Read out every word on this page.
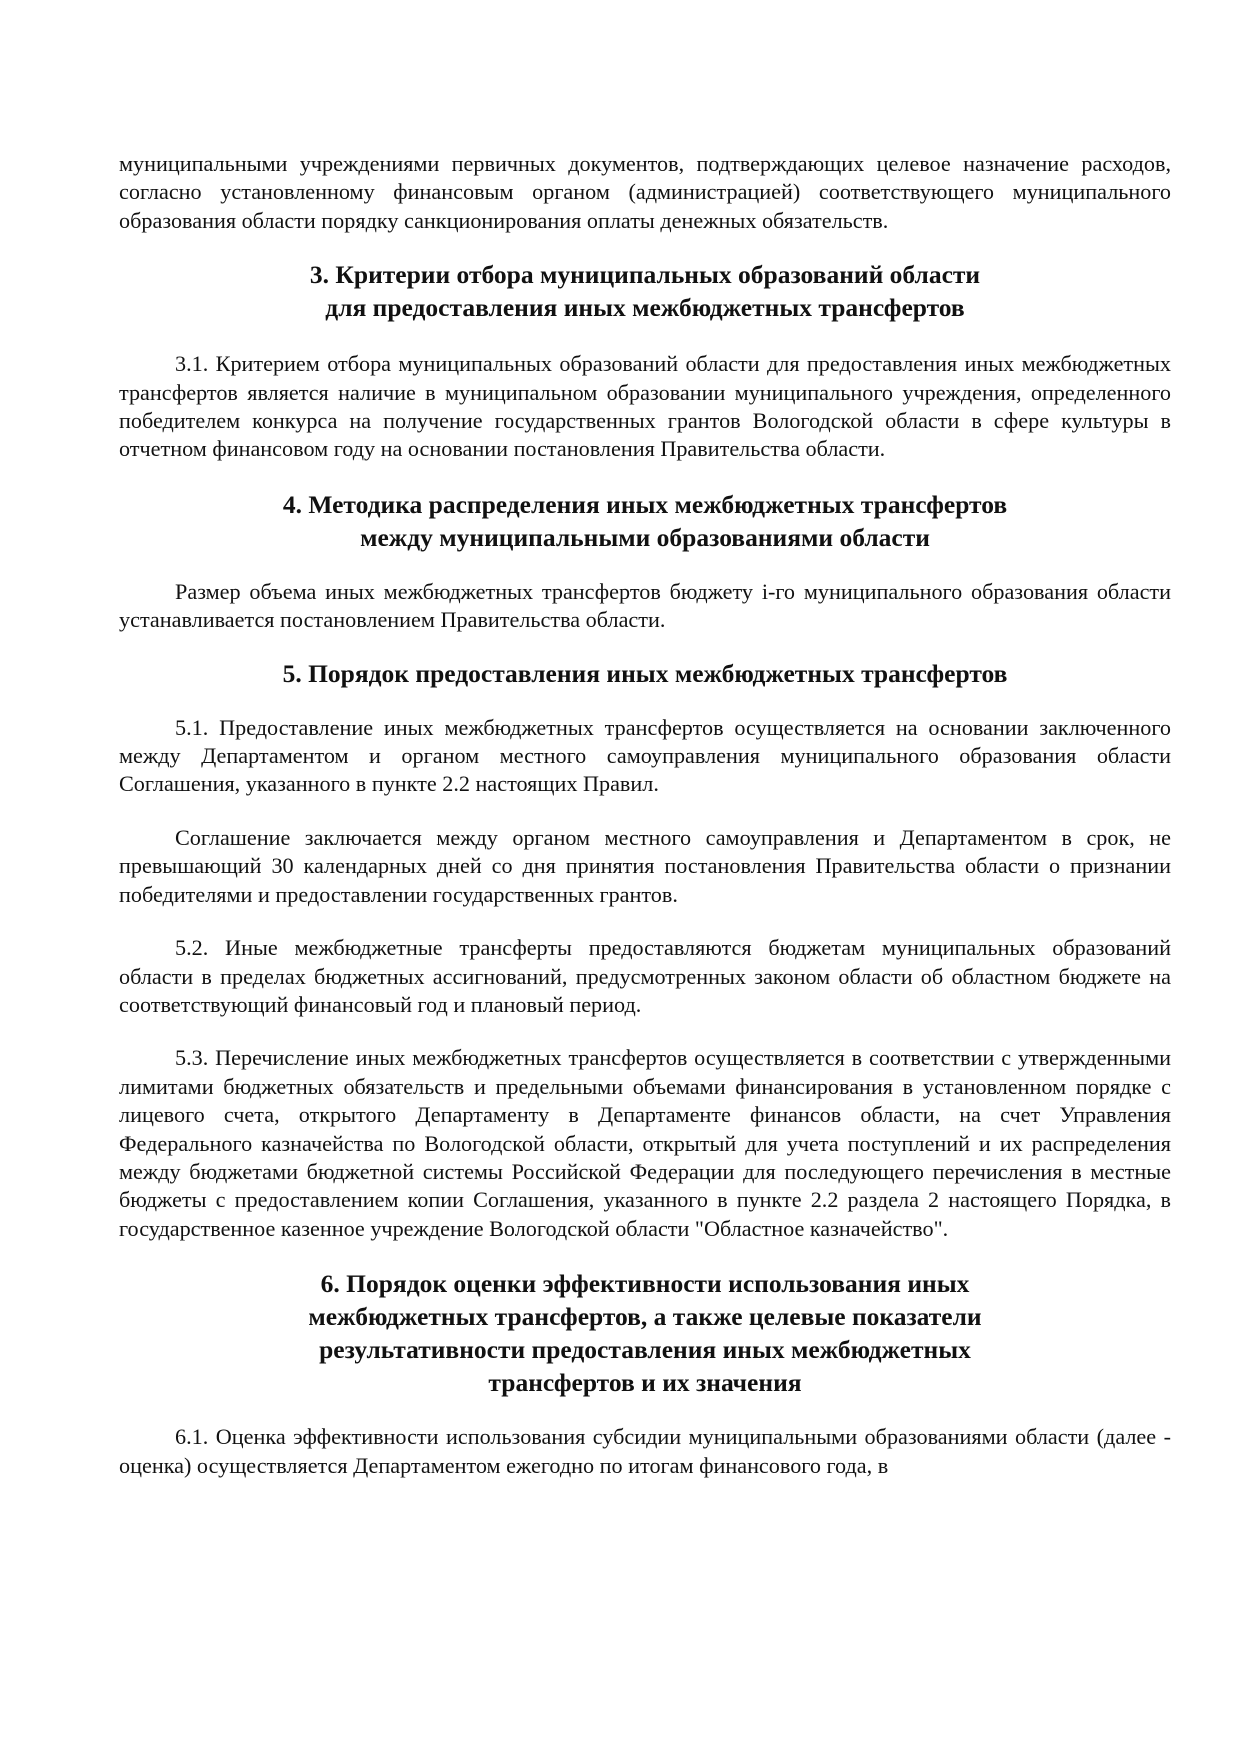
муниципальными учреждениями первичных документов, подтверждающих целевое назначение расходов, согласно установленному финансовым органом (администрацией) соответствующего муниципального образования области порядку санкционирования оплаты денежных обязательств.

3. Критерии отбора муниципальных образований области
для предоставления иных межбюджетных трансфертов

3.1. Критерием отбора муниципальных образований области для предоставления иных межбюджетных трансфертов является наличие в муниципальном образовании муниципального учреждения, определенного победителем конкурса на получение государственных грантов Вологодской области в сфере культуры в отчетном финансовом году на основании постановления Правительства области.

4. Методика распределения иных межбюджетных трансфертов
между муниципальными образованиями области

Размер объема иных межбюджетных трансфертов бюджету i-го муниципального образования области устанавливается постановлением Правительства области.

5. Порядок предоставления иных межбюджетных трансфертов

5.1. Предоставление иных межбюджетных трансфертов осуществляется на основании заключенного между Департаментом и органом местного самоуправления муниципального образования области Соглашения, указанного в пункте 2.2 настоящих Правил.

Соглашение заключается между органом местного самоуправления и Департаментом в срок, не превышающий 30 календарных дней со дня принятия постановления Правительства области о признании победителями и предоставлении государственных грантов.

5.2. Иные межбюджетные трансферты предоставляются бюджетам муниципальных образований области в пределах бюджетных ассигнований, предусмотренных законом области об областном бюджете на соответствующий финансовый год и плановый период.

5.3. Перечисление иных межбюджетных трансфертов осуществляется в соответствии с утвержденными лимитами бюджетных обязательств и предельными объемами финансирования в установленном порядке с лицевого счета, открытого Департаменту в Департаменте финансов области, на счет Управления Федерального казначейства по Вологодской области, открытый для учета поступлений и их распределения между бюджетами бюджетной системы Российской Федерации для последующего перечисления в местные бюджеты с предоставлением копии Соглашения, указанного в пункте 2.2 раздела 2 настоящего Порядка, в государственное казенное учреждение Вологодской области "Областное казначейство".

6. Порядок оценки эффективности использования иных
межбюджетных трансфертов, а также целевые показатели
результативности предоставления иных межбюджетных
трансфертов и их значения

6.1. Оценка эффективности использования субсидии муниципальными образованиями области (далее - оценка) осуществляется Департаментом ежегодно по итогам финансового года, в
